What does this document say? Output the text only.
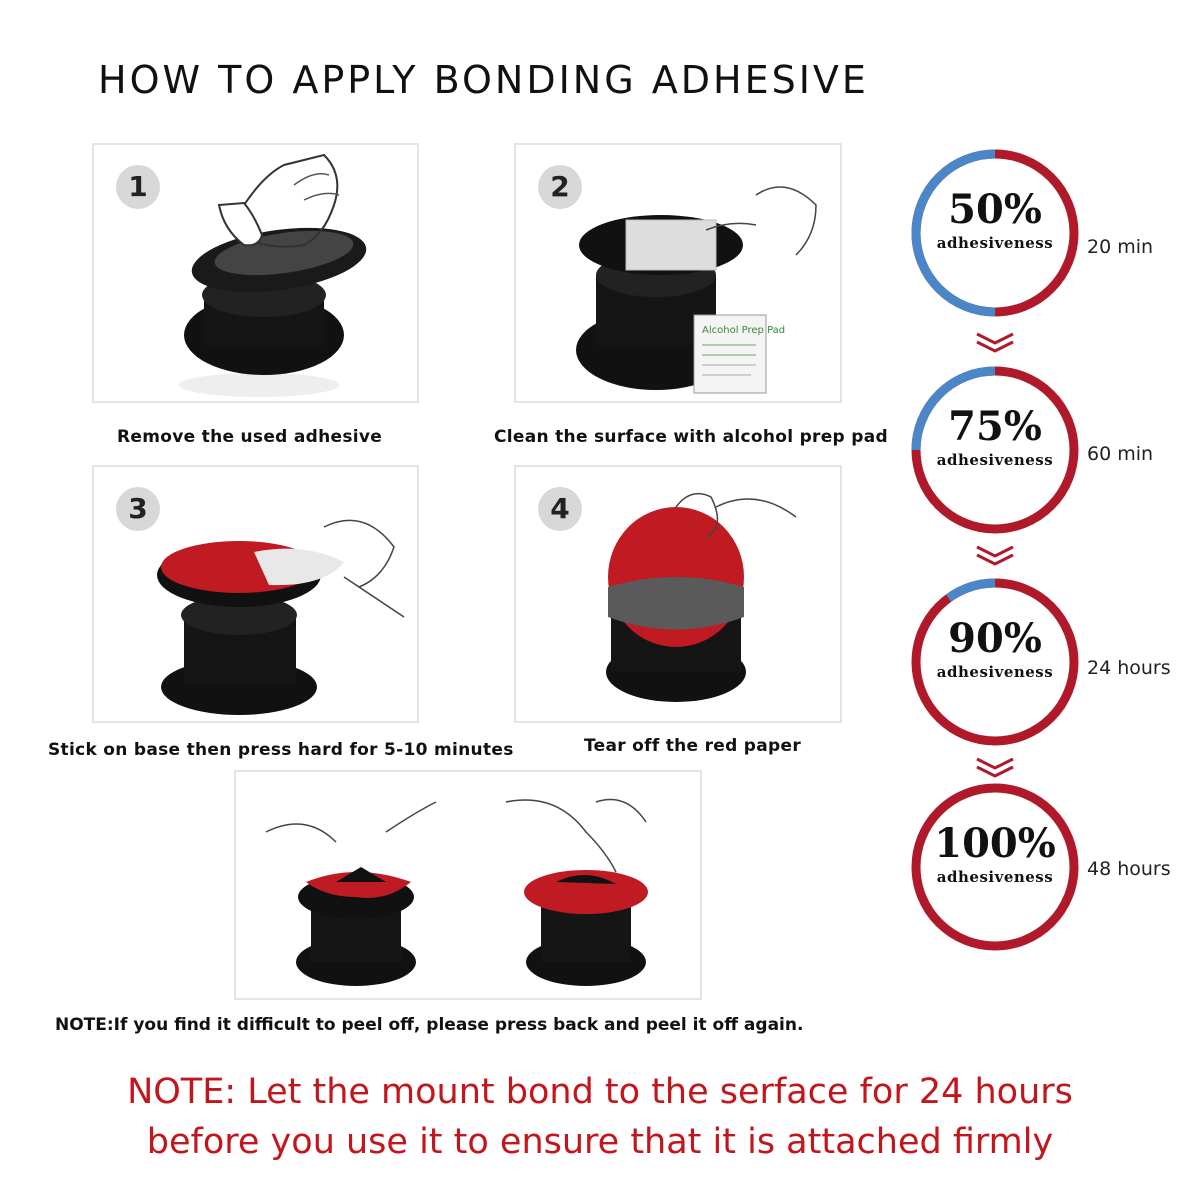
HOW TO APPLY BONDING ADHESIVE
1
Remove the used adhesive
Alcohol Prep Pad
2
Clean the surface with alcohol prep pad
3
Stick on base then press hard for 5-10 minutes
4
Tear off the red paper
50%
adhesiveness	20 min
75%
adhesiveness	60 min
90%
adhesiveness	24 hours
100%
adhesiveness	48 hours
NOTE:If you find it difficult to peel off, please press back and peel it off again.
NOTE: Let the mount bond to the serface for 24 hours
before you use it to ensure that it is attached firmly
